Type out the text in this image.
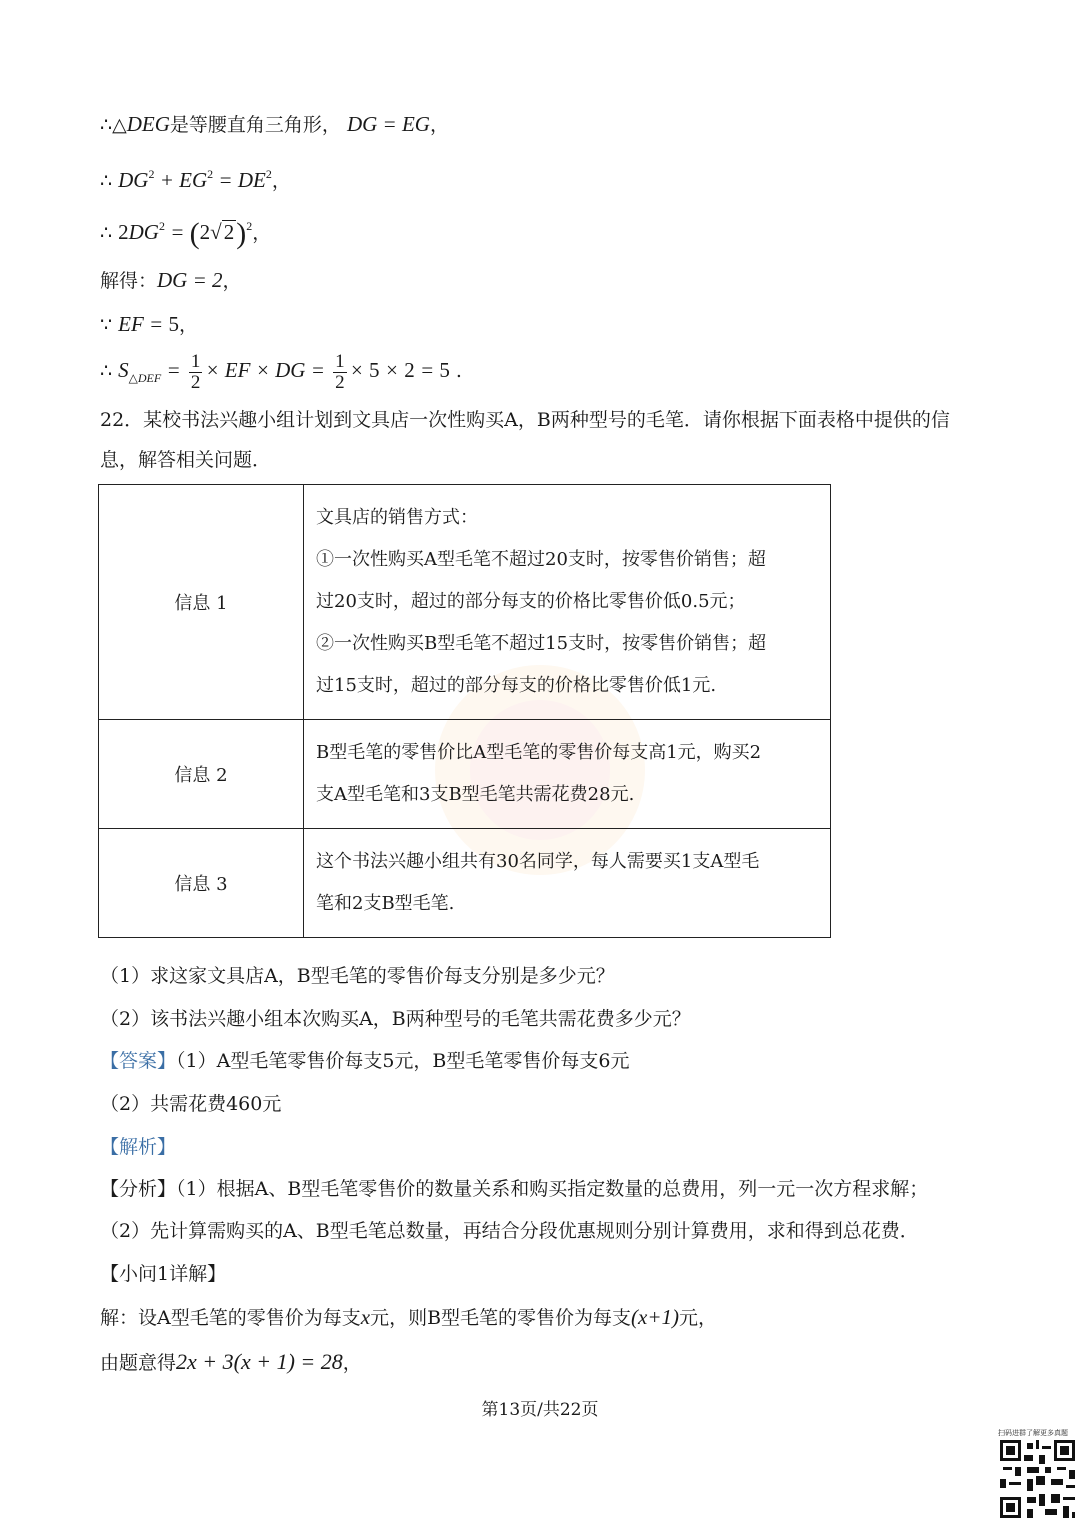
∴△DEG是等腰直角三角形， DG = EG，
∴ $DG^2 + EG^2 = DE^2$，
∴ $2DG^2 = (2√2)^2$，
解得：DG = 2，
∵ EF = 5，
∴ $S_{\triangle DEF} = \frac{1}{2}$ × EF × DG = $\frac{1}{2} \times 5 \times 2 = 5$ .
22．某校书法兴趣小组计划到文具店一次性购买A，B两种型号的毛笔．请你根据下面表格中提供的信息，解答相关问题．
信息 1	文具店的销售方式：
①一次性购买A型毛笔不超过20支时，按零售价销售；超
过20支时，超过的部分每支的价格比零售价低0.5元；
②一次性购买B型毛笔不超过15支时，按零售价销售；超
过15支时，超过的部分每支的价格比零售价低1元.

信息 2	B型毛笔的零售价比A型毛笔的零售价每支高1元，购买2
支A型毛笔和3支B型毛笔共需花费28元.

信息 3	这个书法兴趣小组共有30名同学，每人需要买1支A型毛
笔和2支B型毛笔.
（1）求这家文具店A，B型毛笔的零售价每支分别是多少元？
（2）该书法兴趣小组本次购买A，B两种型号的毛笔共需花费多少元？
【答案】（1）A型毛笔零售价每支5元，B型毛笔零售价每支6元
（2）共需花费460元
【解析】
【分析】（1）根据A、B型毛笔零售价的数量关系和购买指定数量的总费用，列一元一次方程求解；
（2）先计算需购买的A、B型毛笔总数量，再结合分段优惠规则分别计算费用，求和得到总花费．
【小问1详解】
解：设A型毛笔的零售价为每支x元，则B型毛笔的零售价为每支(x+1)元，
由题意得2x + 3(x + 1) = 28，
第13页/共22页
扫码进群了解更多真题
